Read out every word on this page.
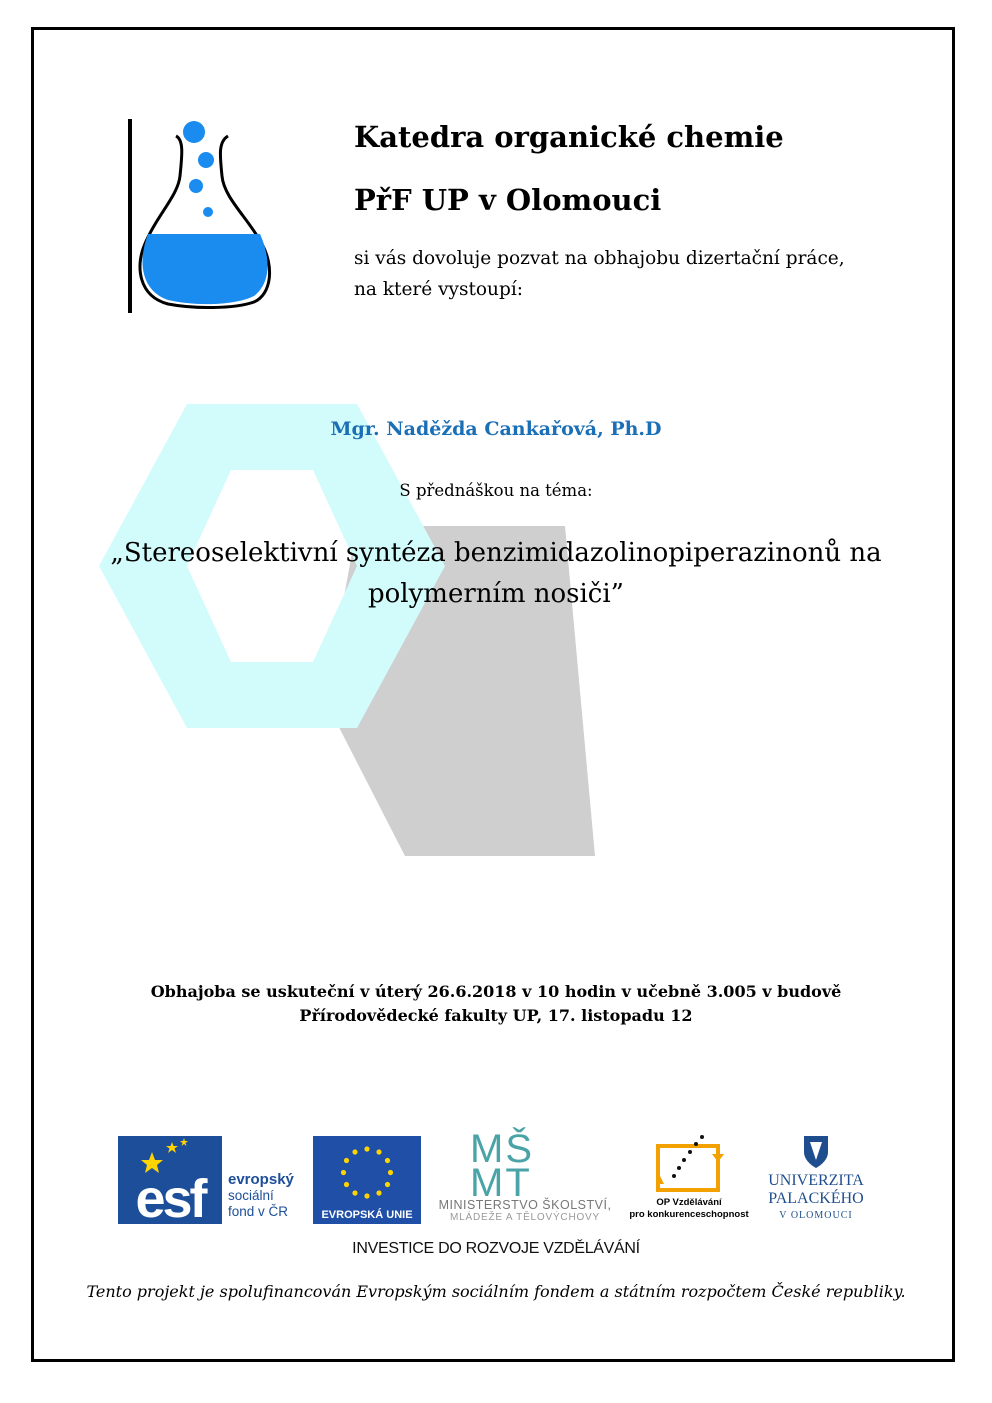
Katedra organické chemie
PřF UP v Olomouci
si vás dovoluje pozvat na obhajobu dizertační práce,
na které vystoupí:
Mgr. Naděžda Cankařová, Ph.D
S přednáškou na téma:
„Stereoselektivní syntéza benzimidazolinopiperazinonů na
polymerním nosiči”
Obhajoba se uskuteční v úterý 26.6.2018 v 10 hodin v učebně 3.005 v budově
Přírodovědecké fakulty UP, 17. listopadu 12
esf	evropský
sociální
fond v ČR	EVROPSKÁ UNIE
MŠ MT
MINISTERSTVO ŠKOLSTVÍ,
MLÁDEŽE A TĚLOVÝCHOVY
OP Vzdělávání
pro konkurenceschopnost
UNIVERZITA
PALACKÉHO
V OLOMOUCI
INVESTICE DO ROZVOJE VZDĚLÁVÁNÍ
Tento projekt je spolufinancován Evropským sociálním fondem a státním rozpočtem České republiky.
